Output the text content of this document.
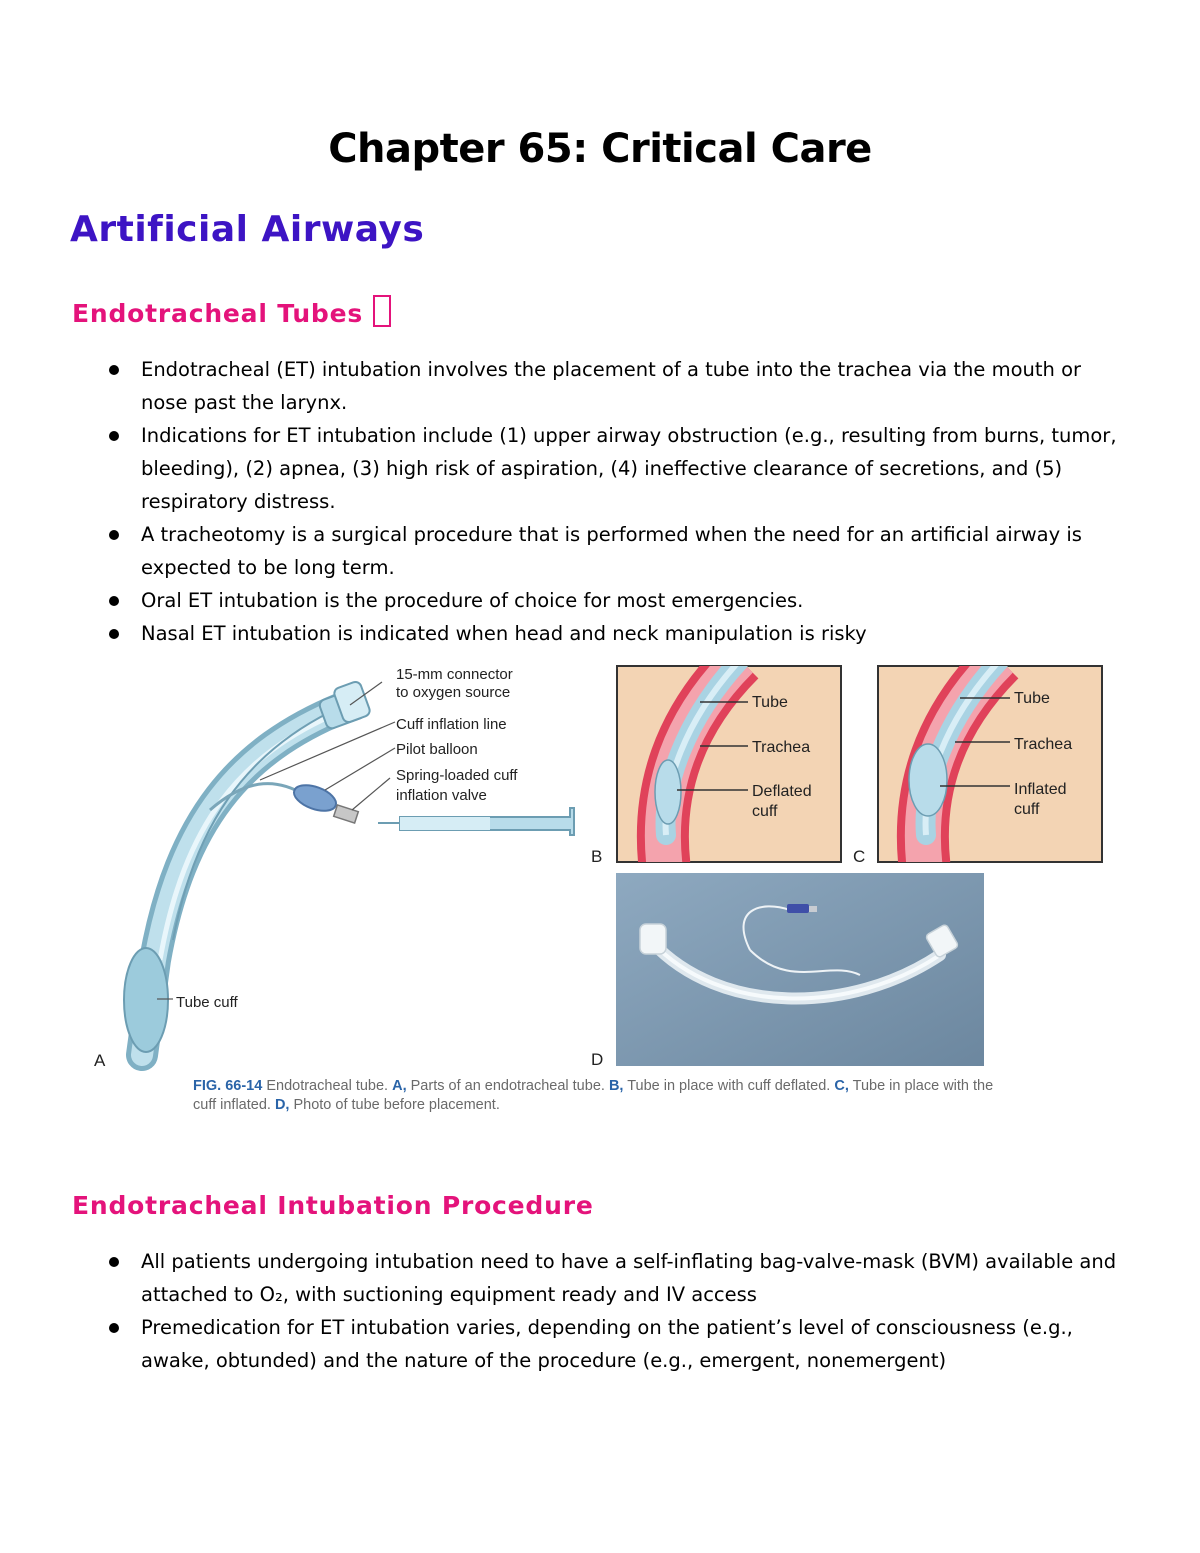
Chapter 65: Critical Care
Artificial Airways
Endotracheal Tubes
Endotracheal (ET) intubation involves the placement of a tube into the trachea via the mouth or nose past the larynx.
Indications for ET intubation include (1) upper airway obstruction (e.g., resulting from burns, tumor, bleeding), (2) apnea, (3) high risk of aspiration, (4) ineffective clearance of secretions, and (5) respiratory distress.
A tracheotomy is a surgical procedure that is performed when the need for an artificial airway is expected to be long term.
Oral ET intubation is the procedure of choice for most emergencies.
Nasal ET intubation is indicated when head and neck manipulation is risky
15-mm connector
to oxygen source
Cuff inflation line
Pilot balloon
Spring-loaded cuff
inflation valve
Tube cuff
A
Tube
Trachea
Deflated
cuff
B
Tube
Trachea
Inflated
cuff
C
D
FIG. 66-14 Endotracheal tube. A, Parts of an endotracheal tube. B, Tube in place with cuff deflated. C, Tube in place with the cuff inflated. D, Photo of tube before placement.
Endotracheal Intubation Procedure
All patients undergoing intubation need to have a self-inflating bag-valve-mask (BVM) available and attached to O₂, with suctioning equipment ready and IV access
Premedication for ET intubation varies, depending on the patient’s level of consciousness (e.g., awake, obtunded) and the nature of the procedure (e.g., emergent, nonemergent)
